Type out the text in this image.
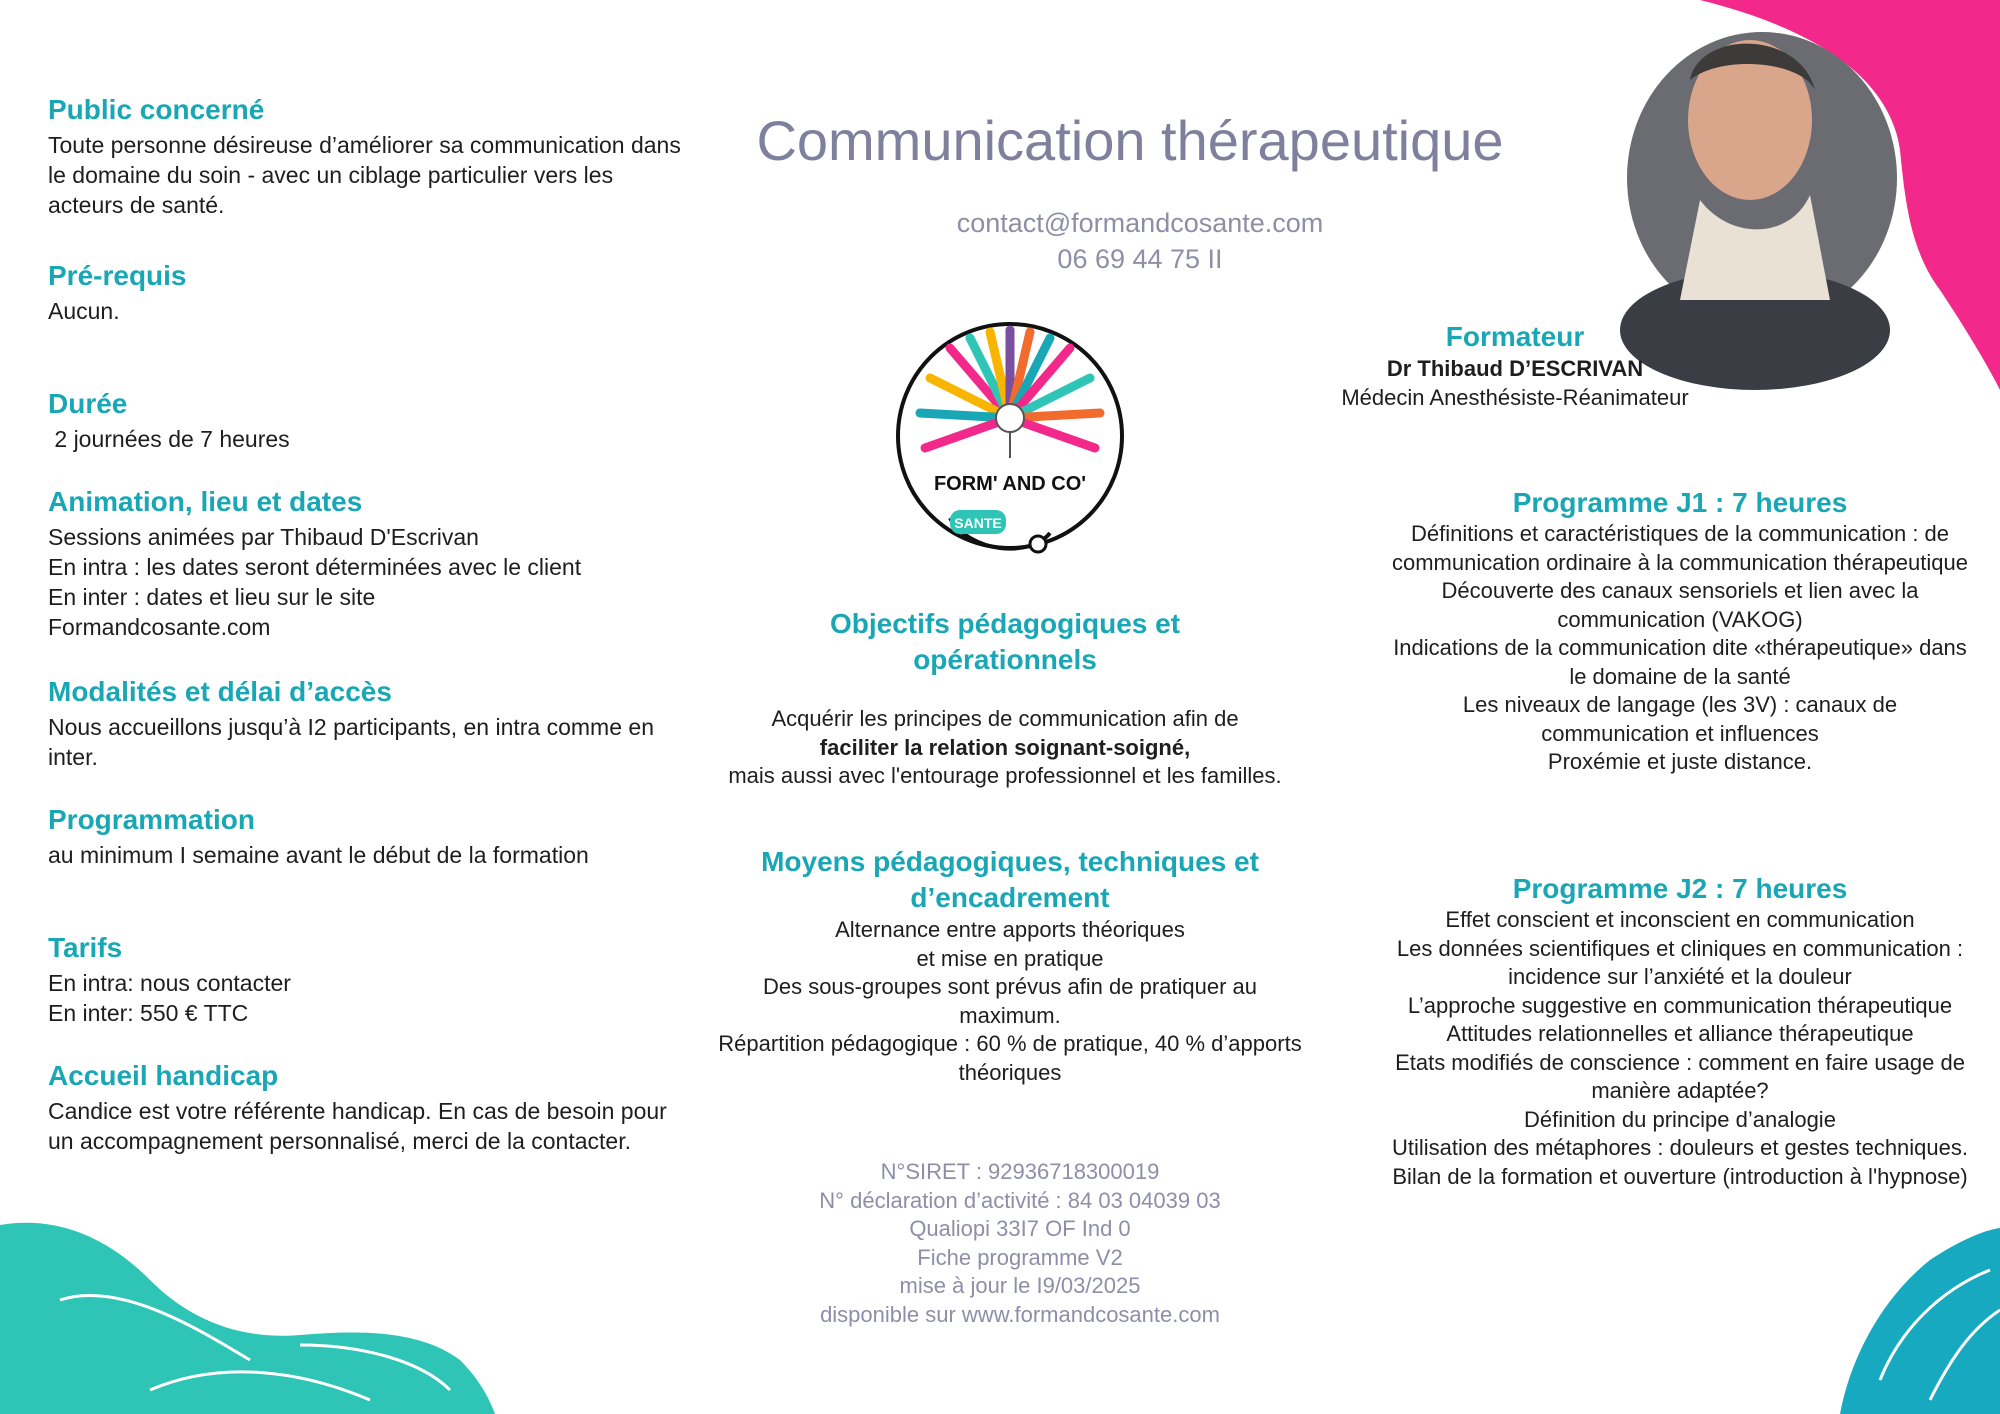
Public concerné
Toute personne désireuse d’améliorer sa communication dans le domaine du soin - avec un ciblage particulier vers les acteurs de santé.
Pré-requis
Aucun.
Durée
2 journées de 7 heures
Animation, lieu et dates
Sessions animées par Thibaud D'Escrivan
En intra : les dates seront déterminées avec le client
En inter : dates et lieu sur le site
Formandcosante.com
Modalités et délai d’accès
Nous accueillons jusqu’à I2 participants, en intra comme en inter.
Programmation
au minimum I semaine avant le début de la formation
Tarifs
En intra: nous contacter
En inter: 550 € TTC
Accueil handicap
Candice est votre référente handicap. En cas de besoin pour un accompagnement personnalisé, merci de la contacter.
Communication thérapeutique
contact@formandcosante.com
06 69 44 75 II
FORM' AND CO'
SANTE
Objectifs pédagogiques et opérationnels
Acquérir les principes de communication afin de
faciliter la relation soignant-soigné,
mais aussi avec l'entourage professionnel et les familles.
Moyens pédagogiques, techniques et d’encadrement
Alternance entre apports théoriques
et mise en pratique
Des sous-groupes sont prévus afin de pratiquer au maximum.
Répartition pédagogique : 60 % de pratique, 40 % d’apports théoriques
N°SIRET : 9293671830001​9
N° déclaration d’activité : 84 03 04039 03
Qualiopi 33I7 OF Ind 0
Fiche programme V2
mise à jour le I9/03/2025
disponible sur www.formandcosante.com
Formateur
Dr Thibaud D’ESCRIVAN
Médecin Anesthésiste-Réanimateur
Programme J1 : 7 heures
Définitions et caractéristiques de la communication : de communication ordinaire à la communication thérapeutique
Découverte des canaux sensoriels et lien avec la communication (VAKOG)
Indications de la communication dite «thérapeutique» dans le domaine de la santé
Les niveaux de langage (les 3V) : canaux de communication et influences
Proxémie et juste distance.
Programme J2 : 7 heures
Effet conscient et inconscient en communication
Les données scientifiques et cliniques en communication : incidence sur l’anxiété et la douleur
L’approche suggestive en communication thérapeutique
Attitudes relationnelles et alliance thérapeutique
Etats modifiés de conscience : comment en faire usage de manière adaptée?
Définition du principe d’analogie
Utilisation des métaphores : douleurs et gestes techniques.
Bilan de la formation et ouverture (introduction à l'hypnose)
